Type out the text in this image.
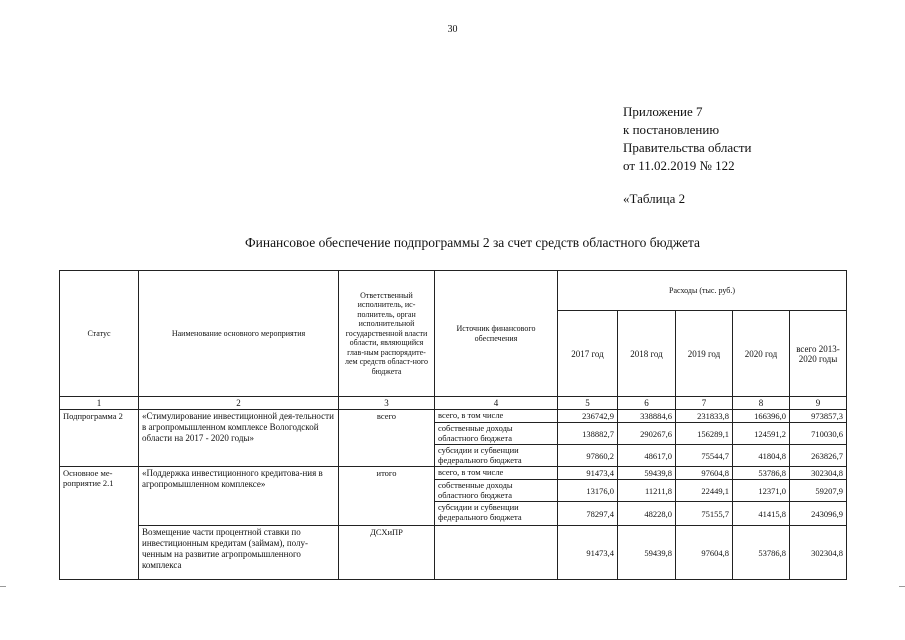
30
Приложение 7
к постановлению
Правительства области
от 11.02.2019 № 122
«Таблица 2
Финансовое обеспечение подпрограммы 2 за счет средств областного бюджета
Статус	Наименование основного мероприятия	Ответственный исполнитель, ис-полнитель, орган исполнительной государственной власти области, являющийся глав-ным распорядите-лем средств област-ного бюджета	Источник финансового обеспечения	Расходы (тыс. руб.)				
				2017 год	2018 год	2019 год	2020 год	всего 2013-2020 годы
1	2	3	4	5	6	7	8	9
Подпрограмма 2	«Стимулирование инвестиционной дея-тельности в агропромышленном комплексе Вологодской области на 2017 - 2020 годы»	всего	всего, в том числе	236742,9	338884,6	231833,8	166396,0	973857,3
			собственные доходы областного бюджета	138882,7	290267,6	156289,1	124591,2	710030,6
			субсидии и субвенции федерального бюджета	97860,2	48617,0	75544,7	41804,8	263826,7
Основное ме-роприятие 2.1	«Поддержка инвестиционного кредитова-ния в агропромышленном комплексе»	итого	всего, в том числе	91473,4	59439,8	97604,8	53786,8	302304,8
			собственные доходы областного бюджета	13176,0	11211,8	22449,1	12371,0	59207,9
			субсидии и субвенции федерального бюджета	78297,4	48228,0	75155,7	41415,8	243096,9
	Возмещение части процентной ставки по инвестиционным кредитам (займам), полу-ченным на развитие агропромышленного комплекса	ДСХиПР		91473,4	59439,8	97604,8	53786,8	302304,8
